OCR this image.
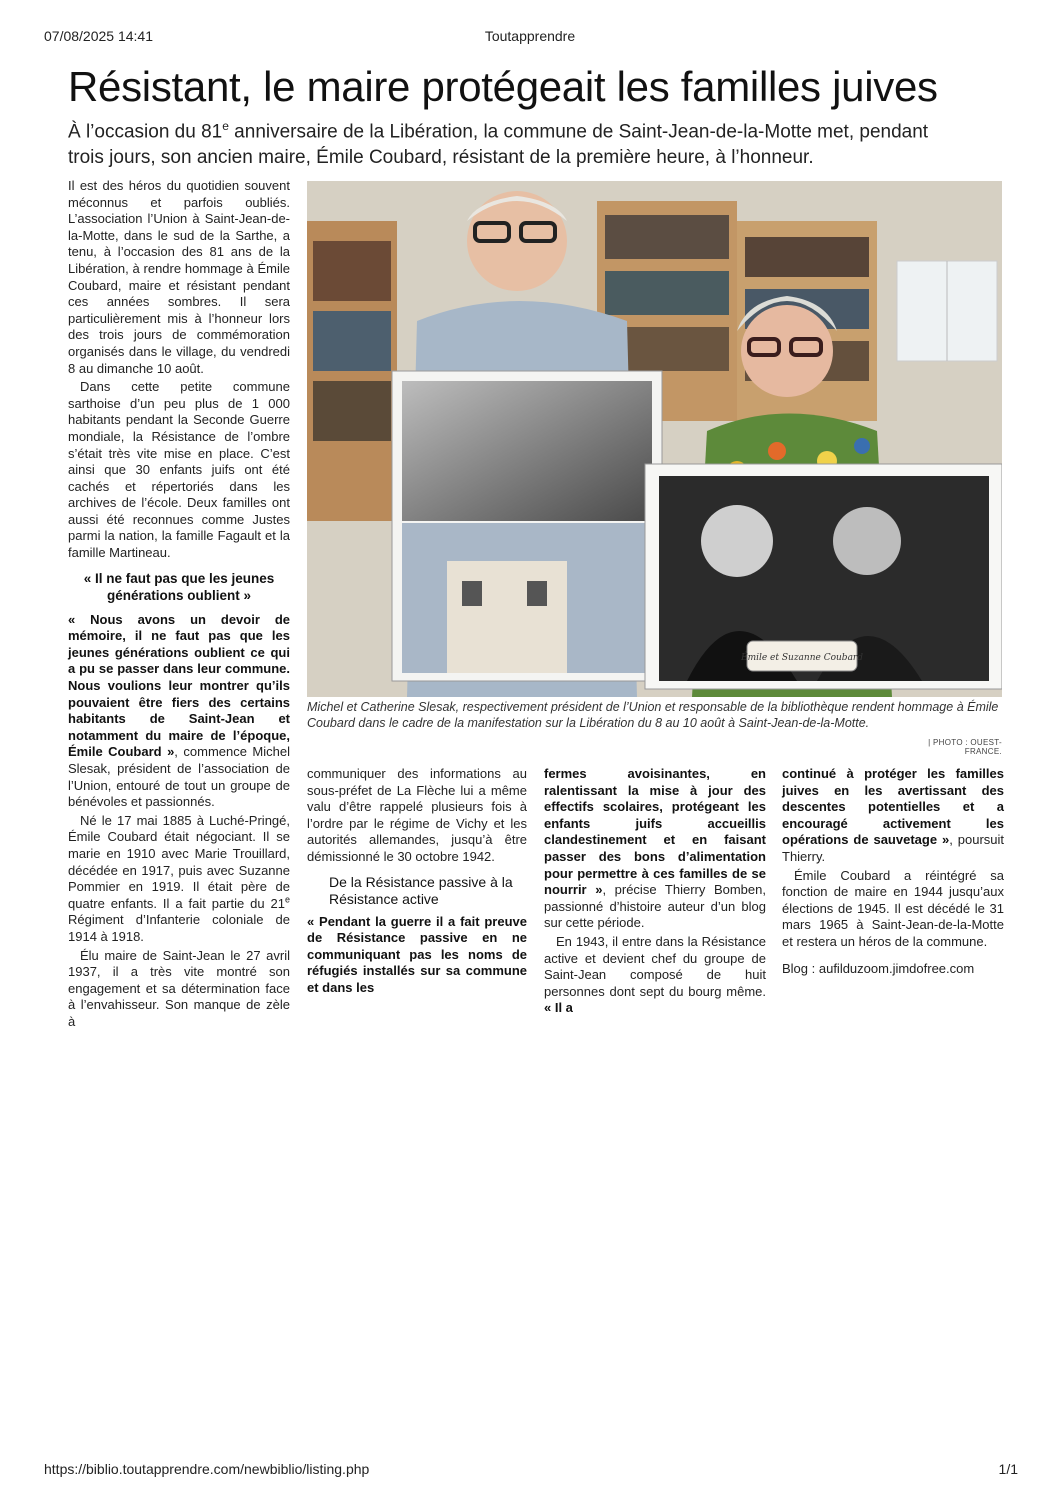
07/08/2025 14:41	Toutapprendre
Résistant, le maire protégeait les familles juives
À l’occasion du 81e anniversaire de la Libération, la commune de Saint-Jean-de-la-Motte met, pendant trois jours, son ancien maire, Émile Coubard, résistant de la première heure, à l’honneur.

Il est des héros du quotidien souvent méconnus et parfois oubliés. L’association l’Union à Saint-Jean-de-la-Motte, dans le sud de la Sarthe, a tenu, à l’occasion des 81 ans de la Libération, à rendre hommage à Émile Coubard, maire et résistant pendant ces années sombres. Il sera particulièrement mis à l’honneur lors des trois jours de commémoration organisés dans le village, du vendredi 8 au dimanche 10 août.

Dans cette petite commune sarthoise d’un peu plus de 1 000 habitants pendant la Seconde Guerre mondiale, la Résistance de l’ombre s’était très vite mise en place. C’est ainsi que 30 enfants juifs ont été cachés et répertoriés dans les archives de l’école. Deux familles ont aussi été reconnues comme Justes parmi la nation, la famille Fagault et la famille Martineau.

« Il ne faut pas que les jeunes générations oublient »

« Nous avons un devoir de mémoire, il ne faut pas que les jeunes générations oublient ce qui a pu se passer dans leur commune. Nous voulions leur montrer qu’ils pouvaient être fiers des certains habitants de Saint-Jean et notamment du maire de l’époque, Émile Coubard », commence Michel Slesak, président de l’association de l’Union, entouré de tout un groupe de bénévoles et passionnés.

Né le 17 mai 1885 à Luché-Pringé, Émile Coubard était négociant. Il se marie en 1910 avec Marie Trouillard, décédée en 1917, puis avec Suzanne Pommier en 1919. Il était père de quatre enfants. Il a fait partie du 21e Régiment d’Infanterie coloniale de 1914 à 1918.

Élu maire de Saint-Jean le 27 avril 1937, il a très vite montré son engagement et sa détermination face à l’envahisseur. Son manque de zèle à

Émile et Suzanne Coubard
Michel et Catherine Slesak, respectivement président de l’Union et responsable de la bibliothèque rendent hommage à Émile Coubard dans le cadre de la manifestation sur la Libération du 8 au 10 août à Saint-Jean-de-la-Motte.
| PHOTO : OUEST-FRANCE.

communiquer des informations au sous-préfet de La Flèche lui a même valu d’être rappelé plusieurs fois à l’ordre par le régime de Vichy et les autorités allemandes, jusqu’à être démissionné le 30 octobre 1942.

De la Résistance passive à la Résistance active

« Pendant la guerre il a fait preuve de Résistance passive en ne communiquant pas les noms de réfugiés installés sur sa commune et dans les

fermes avoisinantes, en ralentissant la mise à jour des effectifs scolaires, protégeant les enfants juifs accueillis clandestinement et en faisant passer des bons d’alimentation pour permettre à ces familles de se nourrir », précise Thierry Bomben, passionné d’histoire auteur d’un blog sur cette période.

En 1943, il entre dans la Résistance active et devient chef du groupe de Saint-Jean composé de huit personnes dont sept du bourg même. « Il a

continué à protéger les familles juives en les avertissant des descentes potentielles et a encouragé activement les opérations de sauvetage », poursuit Thierry.

Émile Coubard a réintégré sa fonction de maire en 1944 jusqu’aux élections de 1945. Il est décédé le 31 mars 1965 à Saint-Jean-de-la-Motte et restera un héros de la commune.

Blog : aufilduzoom.jimdofree.com

https://biblio.toutapprendre.com/newbiblio/listing.php	1/1
